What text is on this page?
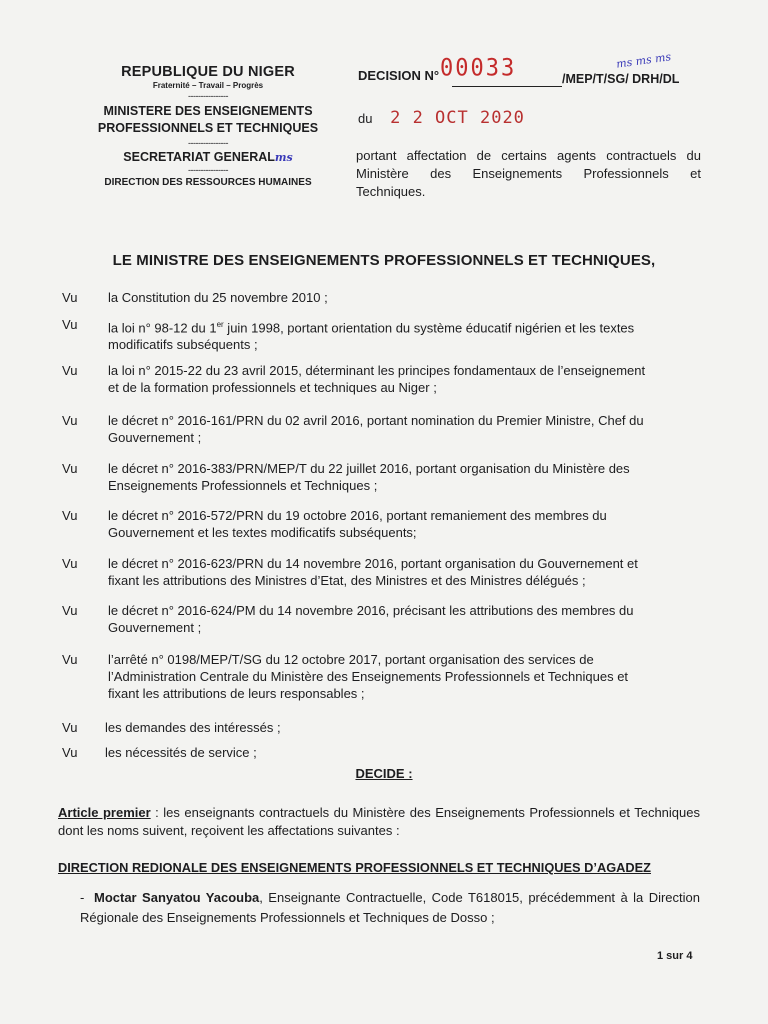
REPUBLIQUE DU NIGER
Fraternité – Travail – Progrès
----------------
MINISTERE DES ENSEIGNEMENTS
PROFESSIONNELS ET TECHNIQUES
----------------
SECRETARIAT GENERALms
----------------
DIRECTION DES RESSOURCES HUMAINES
DECISION N° 00033	/MEP/T/SG/ DRH/DL
ms ms ms
du 2 2 OCT 2020
portant affectation de certains agents contractuels du Ministère des Enseignements Professionnels et Techniques.
LE MINISTRE DES ENSEIGNEMENTS PROFESSIONNELS ET TECHNIQUES,
Vu la Constitution du 25 novembre 2010 ;
Vu la loi n° 98-12 du 1er juin 1998, portant orientation du système éducatif nigérien et les textes
modificatifs subséquents ;
Vu la loi n° 2015-22 du 23 avril 2015, déterminant les principes fondamentaux de l’enseignement
et de la formation professionnels et techniques au Niger ;
Vu le décret n° 2016-161/PRN du 02 avril 2016, portant nomination du Premier Ministre, Chef du
Gouvernement ;
Vu le décret n° 2016-383/PRN/MEP/T du 22 juillet 2016, portant organisation du Ministère des
Enseignements Professionnels et Techniques ;
Vu le décret n° 2016-572/PRN du 19 octobre 2016, portant remaniement des membres du
Gouvernement et les textes modificatifs subséquents;
Vu le décret n° 2016-623/PRN du 14 novembre 2016, portant organisation du Gouvernement et
fixant les attributions des Ministres d’Etat, des Ministres et des Ministres délégués ;
Vu le décret n° 2016-624/PM du 14 novembre 2016, précisant les attributions des membres du
Gouvernement ;
Vu l’arrêté n° 0198/MEP/T/SG du 12 octobre 2017, portant organisation des services de
l’Administration Centrale du Ministère des Enseignements Professionnels et Techniques et
fixant les attributions de leurs responsables ;
Vu les demandes des intéressés ;
Vu les nécessités de service ;
DECIDE :
Article premier : les enseignants contractuels du Ministère des Enseignements Professionnels et Techniques dont les noms suivent, reçoivent les affectations suivantes :
DIRECTION REDIONALE DES ENSEIGNEMENTS PROFESSIONNELS ET TECHNIQUES D’AGADEZ
- Moctar Sanyatou Yacouba, Enseignante Contractuelle, Code T618015, précédemment à la Direction Régionale des Enseignements Professionnels et Techniques de Dosso ;
1 sur 4
